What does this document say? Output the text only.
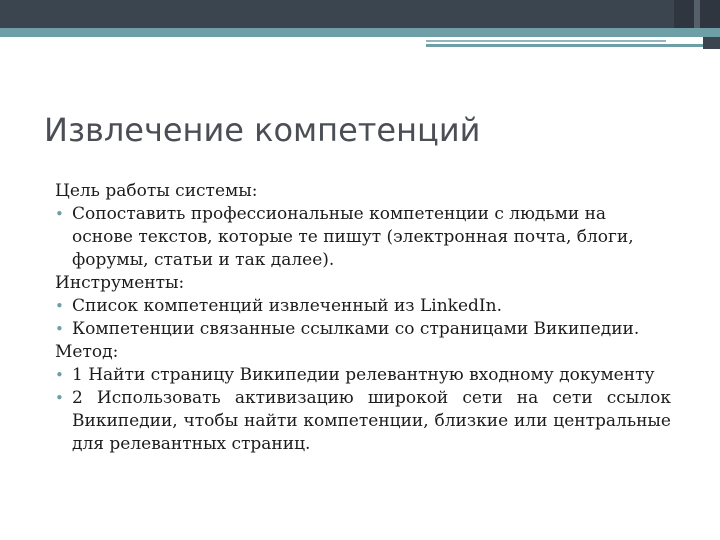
Извлечение компетенций

Цель работы системы:

• Сопоставить профессиональные компетенции с людьми на основе текстов, которые те пишут (электронная почта, блоги, форумы, статьи и так далее).

Инструменты:

• Список компетенций извлеченный из LinkedIn.

• Компетенции связанные ссылками со страницами Википедии.

Метод:

• 1 Найти страницу Википедии релевантную входному документу

• 2 Использовать активизацию широкой сети на сети ссылок Википедии, чтобы найти компетенции, близкие или центральные для релевантных страниц.
